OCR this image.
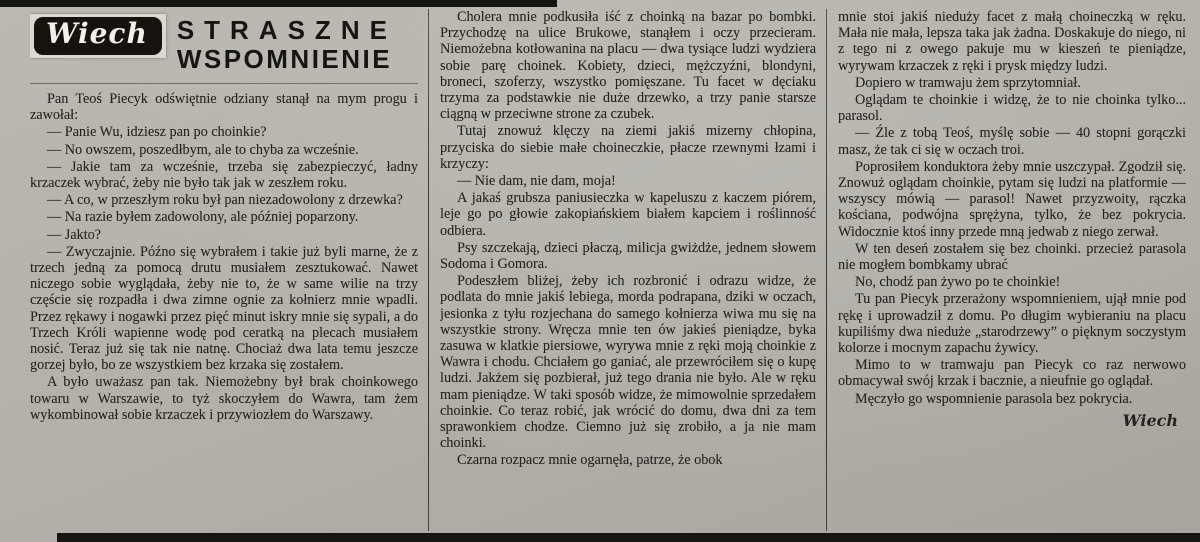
Wiech	STRASZNE
WSPOMNIENIE

Pan Teoś Piecyk odświętnie odziany stanął na mym progu i zawołał:

— Panie Wu, idziesz pan po choinkie?

— No owszem, poszedłbym, ale to chyba za wcześnie.

— Jakie tam za wcześnie, trzeba się zabezpieczyć, ładny krzaczek wybrać, żeby nie było tak jak w zeszłem roku.

— A co, w przeszłym roku był pan niezadowolony z drzewka?

— Na razie byłem zadowolony, ale później poparzony.

— Jakto?

— Zwyczajnie. Późno się wybrałem i takie już byli marne, że z trzech jedną za pomocą drutu musiałem zesztukować. Nawet niczego sobie wyglądała, żeby nie to, że w same wilie na trzy częście się rozpadła i dwa zimne ognie za kołnierz mnie wpadli. Przez rękawy i nogawki przez pięć minut iskry mnie się sypali, a do Trzech Króli wapienne wodę pod ceratką na plecach musiałem nosić. Teraz już się tak nie natnę. Chociaż dwa lata temu jeszcze gorzej było, bo ze wszystkiem bez krzaka się zostałem.

A było uważasz pan tak. Niemożebny był brak choinkowego towaru w Warszawie, to tyż skoczyłem do Wawra, tam żem wykombinował sobie krzaczek i przywiozłem do Warszawy.

Cholera mnie podkusiła iść z choinką na bazar po bombki. Przychodzę na ulice Brukowe, stanąłem i oczy przecieram. Niemożebna kotłowanina na placu — dwa tysiące ludzi wydziera sobie parę choinek. Kobiety, dzieci, mężczyźni, blondyni, broneci, szoferzy, wszystko pomięszane. Tu facet w dęciaku trzyma za podstawkie nie duże drzewko, a trzy panie starsze ciągną w przeciwne strone za czubek.

Tutaj znowuż klęczy na ziemi jakiś mizerny chłopina, przyciska do siebie małe choineczkie, płacze rzewnymi łzami i krzyczy:

— Nie dam, nie dam, moja!

A jakaś grubsza paniusieczka w kapeluszu z kaczem piórem, leje go po głowie zakopiańskiem białem kapciem i roślinność odbiera.

Psy szczekają, dzieci płaczą, milicja gwiżdże, jednem słowem Sodoma i Gomora.

Podeszłem bliżej, żeby ich rozbronić i odrazu widze, że podlata do mnie jakiś lebiega, morda podrapana, dziki w oczach, jesionka z tyłu rozjechana do samego kołnierza wiwa mu się na wszystkie strony. Wręcza mnie ten ów jakieś pieniądze, byka zasuwa w klatkie piersiowe, wyrywa mnie z ręki moją choinkie z Wawra i chodu. Chciałem go ganiać, ale przewróciłem się o kupę ludzi. Jakżem się pozbierał, już tego drania nie było. Ale w ręku mam pieniądze. W taki sposób widze, że mimowolnie sprzedałem choinkie. Co teraz robić, jak wrócić do domu, dwa dni za tem sprawonkiem chodze. Ciemno już się zrobiło, a ja nie mam choinki.

Czarna rozpacz mnie ogarnęła, patrze, że obok

mnie stoi jakiś nieduży facet z małą choineczką w ręku. Mała nie mała, lepsza taka jak żadna. Doskakuje do niego, ni z tego ni z owego pakuje mu w kieszeń te pieniądze, wyrywam krzaczek z ręki i prysk między ludzi.

Dopiero w tramwaju żem sprzytomniał.

Oglądam te choinkie i widzę, że to nie choinka tylko... parasol.

— Źle z tobą Teoś, myślę sobie — 40 stopni gorączki masz, że tak ci się w oczach troi.

Poprosiłem konduktora żeby mnie uszczypał. Zgodził się. Znowuż oglądam choinkie, pytam się ludzi na platformie — wszyscy mówią — parasol! Nawet przyzwoity, rączka kościana, podwójna sprężyna, tylko, że bez pokrycia. Widocznie ktoś inny przede mną jedwab z niego zerwał.

W ten deseń zostałem się bez choinki. przecież parasola nie mogłem bombkamy ubrać

No, chodź pan żywo po te choinkie!

Tu pan Piecyk przerażony wspomnieniem, ujął mnie pod rękę i uprowadził z domu. Po długim wybieraniu na placu kupiliśmy dwa nieduże „starodrzewy” o pięknym soczystym kolorze i mocnym zapachu żywicy.

Mimo to w tramwaju pan Piecyk co raz nerwowo obmacywał swój krzak i bacznie, a nieufnie go oglądał.

Męczyło go wspomnienie parasola bez pokrycia.

Wiech
